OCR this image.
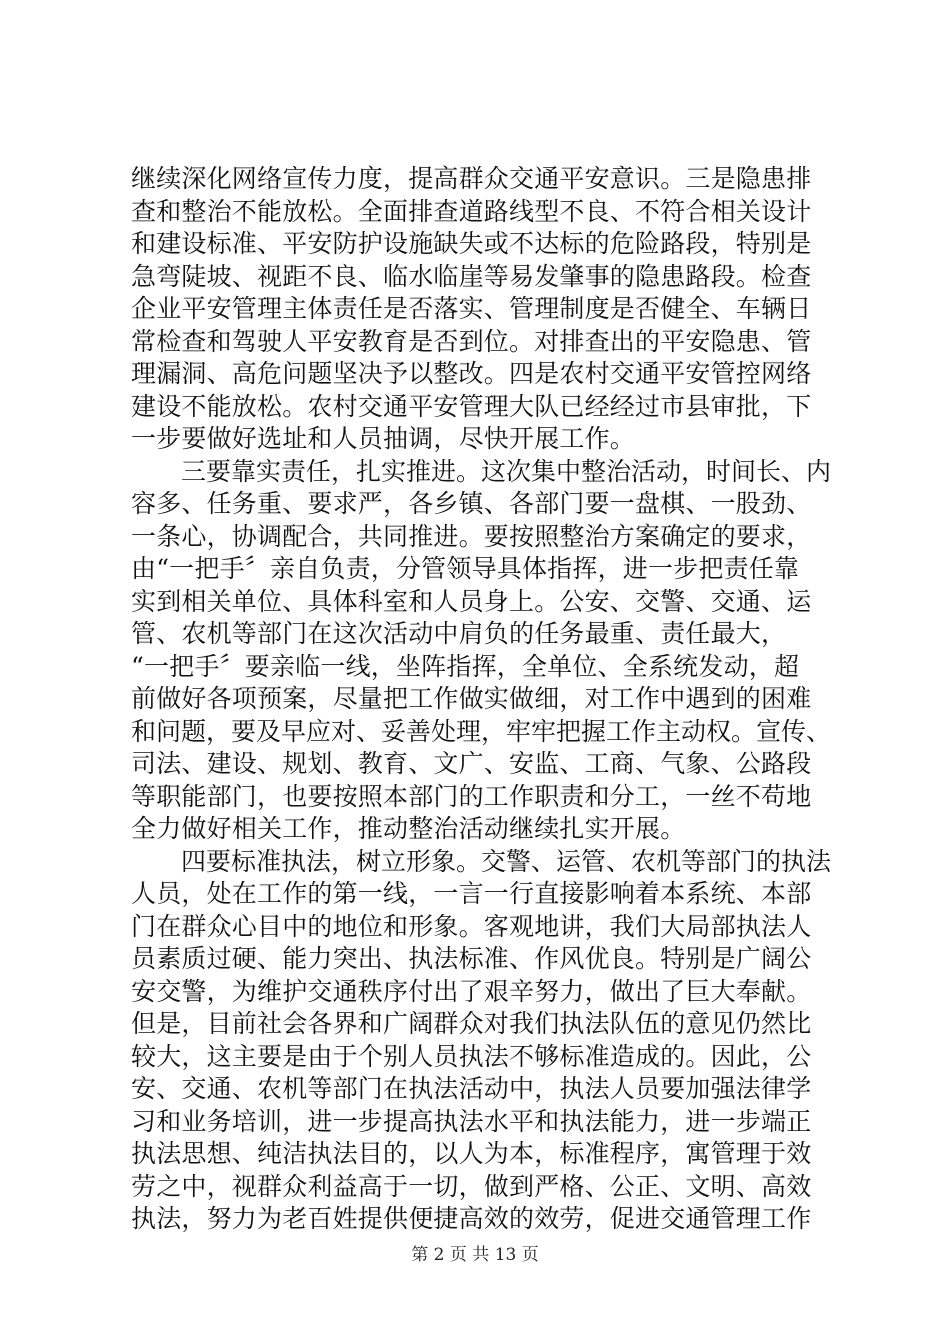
继续深化网络宣传力度，提高群众交通平安意识。三是隐患排
查和整治不能放松。全面排查道路线型不良、不符合相关设计
和建设标准、平安防护设施缺失或不达标的危险路段，特别是
急弯陡坡、视距不良、临水临崖等易发肇事的隐患路段。检查
企业平安管理主体责任是否落实、管理制度是否健全、车辆日
常检查和驾驶人平安教育是否到位。对排查出的平安隐患、管
理漏洞、高危问题坚决予以整改。四是农村交通平安管控网络
建设不能放松。农村交通平安管理大队已经经过市县审批，下
一步要做好选址和人员抽调，尽快开展工作。
　　三要靠实责任，扎实推进。这次集中整治活动，时间长、内
容多、任务重、要求严，各乡镇、各部门要一盘棋、一股劲、
一条心，协调配合，共同推进。要按照整治方案确定的要求，
由“一把手〞亲自负责，分管领导具体指挥，进一步把责任靠
实到相关单位、具体科室和人员身上。公安、交警、交通、运
管、农机等部门在这次活动中肩负的任务最重、责任最大，
“一把手〞要亲临一线，坐阵指挥，全单位、全系统发动，超
前做好各项预案，尽量把工作做实做细，对工作中遇到的困难
和问题，要及早应对、妥善处理，牢牢把握工作主动权。宣传、
司法、建设、规划、教育、文广、安监、工商、气象、公路段
等职能部门，也要按照本部门的工作职责和分工，一丝不苟地
全力做好相关工作，推动整治活动继续扎实开展。
　　四要标准执法，树立形象。交警、运管、农机等部门的执法
人员，处在工作的第一线，一言一行直接影响着本系统、本部
门在群众心目中的地位和形象。客观地讲，我们大局部执法人
员素质过硬、能力突出、执法标准、作风优良。特别是广阔公
安交警，为维护交通秩序付出了艰辛努力，做出了巨大奉献。
但是，目前社会各界和广阔群众对我们执法队伍的意见仍然比
较大，这主要是由于个别人员执法不够标准造成的。因此，公
安、交通、农机等部门在执法活动中，执法人员要加强法律学
习和业务培训，进一步提高执法水平和执法能力，进一步端正
执法思想、纯洁执法目的，以人为本，标准程序，寓管理于效
劳之中，视群众利益高于一切，做到严格、公正、文明、高效
执法，努力为老百姓提供便捷高效的效劳，促进交通管理工作
第 2 页 共 13 页
